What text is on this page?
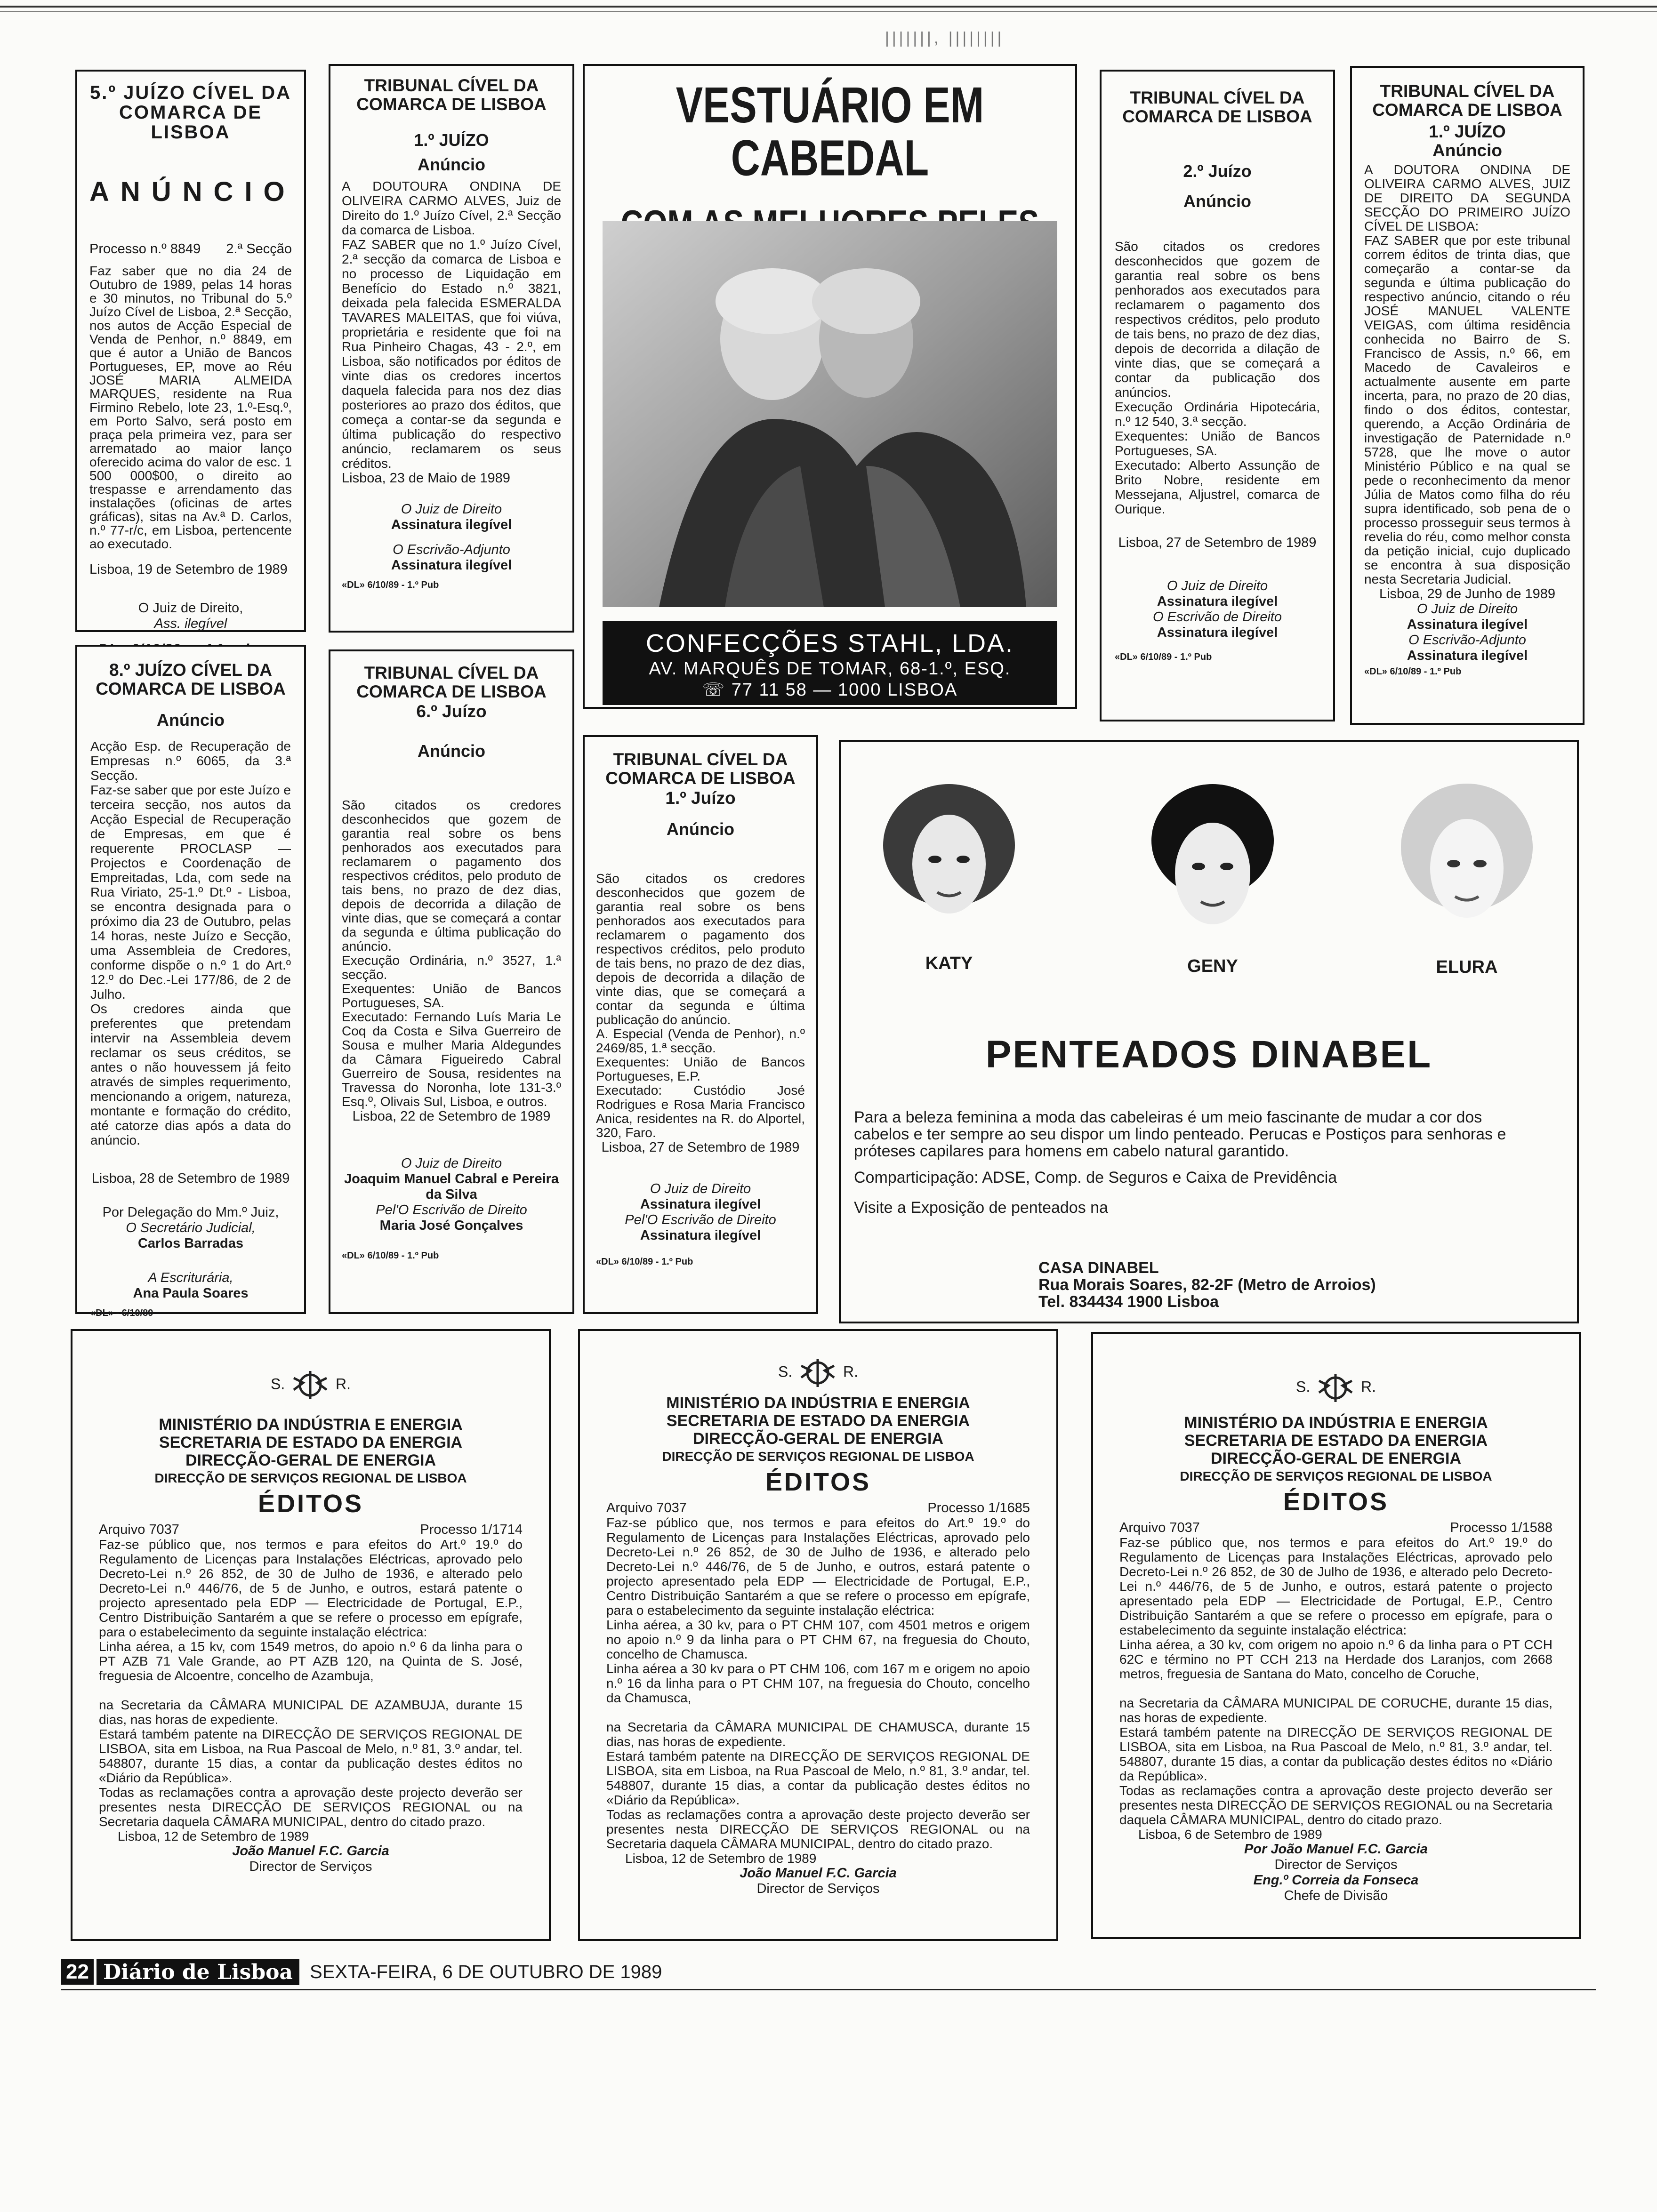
|||||||, ||||||||

5.º JUÍZO CÍVEL DA COMARCA DE LISBOA

ANÚNCIO

Processo n.º 8849 2.ª Secção

Faz saber que no dia 24 de Outubro de 1989, pelas 14 horas e 30 minutos, no Tribunal do 5.º Juízo Cível de Lisboa, 2.ª Secção, nos autos de Acção Especial de Venda de Penhor, n.º 8849, em que é autor a União de Bancos Portugueses, EP, move ao Réu JOSÉ MARIA ALMEIDA MARQUES, residente na Rua Firmino Rebelo, lote 23, 1.º-Esq.º, em Porto Salvo, será posto em praça pela primeira vez, para ser arrematado ao maior lanço oferecido acima do valor de esc. 1 500 000$00, o direito ao trespasse e arrendamento das instalações (oficinas de artes gráficas), sitas na Av.ª D. Carlos, n.º 77-r/c, em Lisboa, pertencente ao executado.

Lisboa, 19 de Setembro de 1989

O Juiz de Direito,

Ass. ilegível

TRIBUNAL CÍVEL DA COMARCA DE LISBOA

1.º JUÍZO

Anúncio

A DOUTOURA ONDINA DE OLIVEIRA CARMO ALVES, Juiz de Direito do 1.º Juízo Cível, 2.ª Secção da comarca de Lisboa.
FAZ SABER que no 1.º Juízo Cível, 2.ª secção da comarca de Lisboa e no processo de Liquidação em Benefício do Estado n.º 3821, deixada pela falecida ESMERALDA TAVARES MALEITAS, que foi viúva, proprietária e residente que foi na Rua Pinheiro Chagas, 43 - 2.º, em Lisboa, são notificados por éditos de vinte dias os credores incertos daquela falecida para nos dez dias posteriores ao prazo dos éditos, que começa a contar-se da segunda e última publicação do respectivo anúncio, reclamarem os seus créditos.

Lisboa, 23 de Maio de 1989

O Juiz de Direito

Assinatura ilegível

O Escrivão-Adjunto

Assinatura ilegível

«DL» 6/10/89 - 1.º Pub

VESTUÁRIO EM CABEDAL

CONFECÇÕES STAHL, LDA.
AV. MARQUÊS DE TOMAR, 68-1.º, ESQ.
☏ 77 11 58 — 1000 LISBOA

TRIBUNAL CÍVEL DA COMARCA DE LISBOA

2.º Juízo

Anúncio

São citados os credores desconhecidos que gozem de garantia real sobre os bens penhorados aos executados para reclamarem o pagamento dos respectivos créditos, pelo produto de tais bens, no prazo de dez dias, depois de decorrida a dilação de vinte dias, que se começará a contar da publicação dos anúncios.
Execução Ordinária Hipotecária, n.º 12 540, 3.ª secção.
Exequentes: União de Bancos Portugueses, SA.
Executado: Alberto Assunção de Brito Nobre, residente em Messejana, Aljustrel, comarca de Ourique.

Lisboa, 27 de Setembro de 1989

O Juiz de Direito

Assinatura ilegível

O Escrivão de Direito

Assinatura ilegível

«DL» 6/10/89 - 1.º Pub

TRIBUNAL CÍVEL DA COMARCA DE LISBOA

1.º JUÍZO

Anúncio

A DOUTORA ONDINA DE OLIVEIRA CARMO ALVES, JUIZ DE DIREITO DA SEGUNDA SECÇÃO DO PRIMEIRO JUÍZO CÍVEL DE LISBOA:
FAZ SABER que por este tribunal correm éditos de trinta dias, que começarão a contar-se da segunda e última publicação do respectivo anúncio, citando o réu JOSÉ MANUEL VALENTE VEIGAS, com última residência conhecida no Bairro de S. Francisco de Assis, n.º 66, em Macedo de Cavaleiros e actualmente ausente em parte incerta, para, no prazo de 20 dias, findo o dos éditos, contestar, querendo, a Acção Ordinária de investigação de Paternidade n.º 5728, que lhe move o autor Ministério Público e na qual se pede o reconhecimento da menor Júlia de Matos como filha do réu supra identificado, sob pena de o processo prosseguir seus termos à revelia do réu, como melhor consta da petição inicial, cujo duplicado se encontra à sua disposição nesta Secretaria Judicial.

Lisboa, 29 de Junho de 1989

O Juiz de Direito

Assinatura ilegível

O Escrivão-Adjunto

Assinatura ilegível

«DL» 6/10/89 - 1.º Pub

8.º JUÍZO CÍVEL DA COMARCA DE LISBOA

Anúncio

Acção Esp. de Recuperação de Empresas n.º 6065, da 3.ª Secção.
Faz-se saber que por este Juízo e terceira secção, nos autos da Acção Especial de Recuperação de Empresas, em que é requerente PROCLASP — Projectos e Coordenação de Empreitadas, Lda, com sede na Rua Viriato, 25-1.º Dt.º - Lisboa, se encontra designada para o próximo dia 23 de Outubro, pelas 14 horas, neste Juízo e Secção, uma Assembleia de Credores, conforme dispõe o n.º 1 do Art.º 12.º do Dec.-Lei 177/86, de 2 de Julho.
Os credores ainda que preferentes que pretendam intervir na Assembleia devem reclamar os seus créditos, se antes o não houvessem já feito através de simples requerimento, mencionando a origem, natureza, montante e formação do crédito, até catorze dias após a data do anúncio.

Lisboa, 28 de Setembro de 1989

Por Delegação do Mm.º Juiz,

O Secretário Judicial,

Carlos Barradas

A Escriturária,

Ana Paula Soares

«DL» - 6/10/89

TRIBUNAL CÍVEL DA COMARCA DE LISBOA

6.º Juízo

Anúncio

São citados os credores desconhecidos que gozem de garantia real sobre os bens penhorados aos executados para reclamarem o pagamento dos respectivos créditos, pelo produto de tais bens, no prazo de dez dias, depois de decorrida a dilação de vinte dias, que se começará a contar da segunda e última publicação do anúncio.
Execução Ordinária, n.º 3527, 1.ª secção.
Exequentes: União de Bancos Portugueses, SA.
Executado: Fernando Luís Maria Le Coq da Costa e Silva Guerreiro de Sousa e mulher Maria Aldegundes da Câmara Figueiredo Cabral Guerreiro de Sousa, residentes na Travessa do Noronha, lote 131-3.º Esq.º, Olivais Sul, Lisboa, e outros.

Lisboa, 22 de Setembro de 1989

O Juiz de Direito

Joaquim Manuel Cabral e Pereira da Silva

Pel'O Escrivão de Direito

Maria José Gonçalves

«DL» 6/10/89 - 1.º Pub

TRIBUNAL CÍVEL DA COMARCA DE LISBOA

1.º Juízo

Anúncio

São citados os credores desconhecidos que gozem de garantia real sobre os bens penhorados aos executados para reclamarem o pagamento dos respectivos créditos, pelo produto de tais bens, no prazo de dez dias, depois de decorrida a dilação de vinte dias, que se começará a contar da segunda e última publicação do anúncio.
A. Especial (Venda de Penhor), n.º 2469/85, 1.ª secção.
Exequentes: União de Bancos Portugueses, E.P.
Executado: Custódio José Rodrigues e Rosa Maria Francisco Anica, residentes na R. do Alportel, 320, Faro.

Lisboa, 27 de Setembro de 1989

O Juiz de Direito

Assinatura ilegível

Pel'O Escrivão de Direito

Assinatura ilegível

«DL» 6/10/89 - 1.º Pub

KATY	GENY	ELURA
PENTEADOS DINABEL

Para a beleza feminina a moda das cabeleiras é um meio fascinante de mudar a cor dos cabelos e ter sempre ao seu dispor um lindo penteado. Perucas e Postiços para senhoras e próteses capilares para homens em cabelo natural garantido.

Comparticipação: ADSE, Comp. de Seguros e Caixa de Previdência

Visite a Exposição de penteados na

CASA DINABEL
Rua Morais Soares, 82-2F (Metro de Arroios)
Tel. 834434 1900 Lisboa
S.	R.

MINISTÉRIO DA INDÚSTRIA E ENERGIA

SECRETARIA DE ESTADO DA ENERGIA

DIRECÇÃO-GERAL DE ENERGIA

DIRECÇÃO DE SERVIÇOS REGIONAL DE LISBOA

ÉDITOS

Arquivo 7037	Processo 1/1714

Faz-se público que, nos termos e para efeitos do Art.º 19.º do Regulamento de Licenças para Instalações Eléctricas, aprovado pelo Decreto-Lei n.º 26 852, de 30 de Julho de 1936, e alterado pelo Decreto-Lei n.º 446/76, de 5 de Junho, e outros, estará patente o projecto apresentado pela EDP — Electricidade de Portugal, E.P., Centro Distribuição Santarém a que se refere o processo em epígrafe, para o estabelecimento da seguinte instalação eléctrica:
Linha aérea, a 15 kv, com 1549 metros, do apoio n.º 6 da linha para o PT AZB 71 Vale Grande, ao PT AZB 120, na Quinta de S. José, freguesia de Alcoentre, concelho de Azambuja,

na Secretaria da CÂMARA MUNICIPAL DE AZAMBUJA, durante 15 dias, nas horas de expediente.
Estará também patente na DIRECÇÃO DE SERVIÇOS REGIONAL DE LISBOA, sita em Lisboa, na Rua Pascoal de Melo, n.º 81, 3.º andar, tel. 548807, durante 15 dias, a contar da publicação destes éditos no «Diário da República».
Todas as reclamações contra a aprovação deste projecto deverão ser presentes nesta DIRECÇÃO DE SERVIÇOS REGIONAL ou na Secretaria daquela CÂMARA MUNICIPAL, dentro do citado prazo.

Lisboa, 12 de Setembro de 1989

João Manuel F.C. Garcia

Director de Serviços

S.	R.

MINISTÉRIO DA INDÚSTRIA E ENERGIA

SECRETARIA DE ESTADO DA ENERGIA

DIRECÇÃO-GERAL DE ENERGIA

DIRECÇÃO DE SERVIÇOS REGIONAL DE LISBOA

ÉDITOS

Arquivo 7037	Processo 1/1685

Faz-se público que, nos termos e para efeitos do Art.º 19.º do Regulamento de Licenças para Instalações Eléctricas, aprovado pelo Decreto-Lei n.º 26 852, de 30 de Julho de 1936, e alterado pelo Decreto-Lei n.º 446/76, de 5 de Junho, e outros, estará patente o projecto apresentado pela EDP — Electricidade de Portugal, E.P., Centro Distribuição Santarém a que se refere o processo em epígrafe, para o estabelecimento da seguinte instalação eléctrica:
Linha aérea, a 30 kv, para o PT CHM 107, com 4501 metros e origem no apoio n.º 9 da linha para o PT CHM 67, na freguesia do Chouto, concelho de Chamusca.
Linha aérea a 30 kv para o PT CHM 106, com 167 m e origem no apoio n.º 16 da linha para o PT CHM 107, na freguesia do Chouto, concelho da Chamusca,

na Secretaria da CÂMARA MUNICIPAL DE CHAMUSCA, durante 15 dias, nas horas de expediente.
Estará também patente na DIRECÇÃO DE SERVIÇOS REGIONAL DE LISBOA, sita em Lisboa, na Rua Pascoal de Melo, n.º 81, 3.º andar, tel. 548807, durante 15 dias, a contar da publicação destes éditos no «Diário da República».
Todas as reclamações contra a aprovação deste projecto deverão ser presentes nesta DIRECÇÃO DE SERVIÇOS REGIONAL ou na Secretaria daquela CÂMARA MUNICIPAL, dentro do citado prazo.

Lisboa, 12 de Setembro de 1989

João Manuel F.C. Garcia

Director de Serviços

S.	R.

MINISTÉRIO DA INDÚSTRIA E ENERGIA

SECRETARIA DE ESTADO DA ENERGIA

DIRECÇÃO-GERAL DE ENERGIA

DIRECÇÃO DE SERVIÇOS REGIONAL DE LISBOA

ÉDITOS

Arquivo 7037	Processo 1/1588

Faz-se público que, nos termos e para efeitos do Art.º 19.º do Regulamento de Licenças para Instalações Eléctricas, aprovado pelo Decreto-Lei n.º 26 852, de 30 de Julho de 1936, e alterado pelo Decreto-Lei n.º 446/76, de 5 de Junho, e outros, estará patente o projecto apresentado pela EDP — Electricidade de Portugal, E.P., Centro Distribuição Santarém a que se refere o processo em epígrafe, para o estabelecimento da seguinte instalação eléctrica:
Linha aérea, a 30 kv, com origem no apoio n.º 6 da linha para o PT CCH 62C e término no PT CCH 213 na Herdade dos Laranjos, com 2668 metros, freguesia de Santana do Mato, concelho de Coruche,

na Secretaria da CÂMARA MUNICIPAL DE CORUCHE, durante 15 dias, nas horas de expediente.
Estará também patente na DIRECÇÃO DE SERVIÇOS REGIONAL DE LISBOA, sita em Lisboa, na Rua Pascoal de Melo, n.º 81, 3.º andar, tel. 548807, durante 15 dias, a contar da publicação destes éditos no «Diário da República».
Todas as reclamações contra a aprovação deste projecto deverão ser presentes nesta DIRECÇÃO DE SERVIÇOS REGIONAL ou na Secretaria daquela CÂMARA MUNICIPAL, dentro do citado prazo.

Lisboa, 6 de Setembro de 1989

Por João Manuel F.C. Garcia

Director de Serviços

Eng.º Correia da Fonseca

Chefe de Divisão

22 Diário de Lisboa SEXTA-FEIRA, 6 DE OUTUBRO DE 1989
